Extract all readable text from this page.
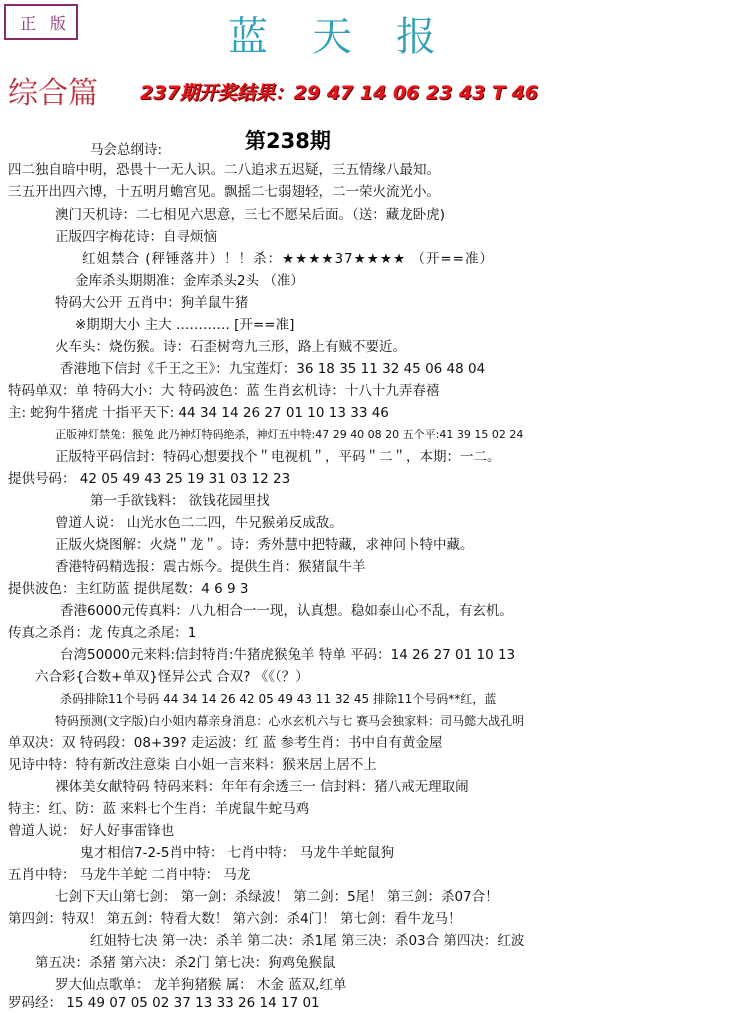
正版	蓝天报
综合篇 237期开奖结果：29 47 14 06 23 43 T 46
第238期
马会总纲诗:
四二独自暗中明，恐畏十一无人识。二八追求五迟疑，三五情缘八最知。
三五开出四六博，十五明月蟾宫见。飘摇二七弱翅轻，二一荣火流光小。
澳门天机诗：二七相见六思意，三七不愿呆后面。（送：藏龙卧虎)
正版四字梅花诗：自寻烦恼
红姐禁合 (秤锤落井）！！杀：★★★★37★★★★ （开==准）
金库杀头期期准：金库杀头2头 （准）
特码大公开 五肖中：狗羊鼠牛猪
※期期大小 主大 ………… [开==准]
火车头：烧伤猴。诗：石歪树弯九三形，路上有贼不要近。
香港地下信封《千王之王》：九宝莲灯：36 18 35 11 32 45 06 48 04
特码单双：单 特码大小：大 特码波色：蓝 生肖玄机诗：十八十九弄春禧
主: 蛇狗牛猪虎 十指平天下: 44 34 14 26 27 01 10 13 33 46
正版神灯禁兔：猴兔 此乃神灯特码绝杀，神灯五中特:47 29 40 08 20 五个平:41 39 15 02 24
正版特平码信封：特码心想要找个＂电视机＂，平码＂二＂，本期：一二。
提供号码： 42 05 49 43 25 19 31 03 12 23
第一手欲钱料： 欲钱花园里找
曾道人说： 山光水色二二四，牛兄猴弟反成敌。
正版火烧图解：火烧＂龙＂。诗：秀外慧中把特藏，求神问卜特中藏。
香港特码精选报：震古烁今。提供生肖：猴猪鼠牛羊
提供波色：主红防蓝 提供尾数：4 6 9 3
香港6000元传真料：八九相合一一现，认真想。稳如泰山心不乱，有玄机。
传真之杀肖：龙 传真之杀尾：1
台湾50000元来料:信封特肖:牛猪虎猴兔羊 特单 平码：14 26 27 01 10 13
六合彩{合数+单双}怪异公式 合双? 《《（？）
杀码排除11个号码 44 34 14 26 42 05 49 43 11 32 45 排除11个号码**红，蓝
特码预测(文字版)白小姐内幕亲身消息：心水玄机六与七 赛马会独家料：司马懿大战孔明
单双决：双 特码段：08+39? 走运波：红 蓝 参考生肖：书中自有黄金屋
见诗中特：特有新改注意柒 白小姐一言来料：猴来居上居不上
裸体美女献特码 特码来料：年年有余透三一 信封料：猪八戒无理取闹
特主：红、防：蓝 来料七个生肖：羊虎鼠牛蛇马鸡
曾道人说： 好人好事雷锋也
鬼才相信7-2-5肖中特： 七肖中特： 马龙牛羊蛇鼠狗
五肖中特： 马龙牛羊蛇 二肖中特： 马龙
七剑下天山第七剑： 第一剑：杀绿波！ 第二剑：5尾！ 第三剑：杀07合！
第四剑：特双！ 第五剑：特看大数！ 第六剑：杀4门！ 第七剑：看牛龙马！
红姐特七决 第一决：杀羊 第二决：杀1尾 第三决：杀03合 第四决：红波
第五决：杀猪 第六决：杀2门 第七决：狗鸡兔猴鼠
罗大仙点歌单： 龙羊狗猪猴 属： 木金 蓝双,红单
罗码经： 15 49 07 05 02 37 13 33 26 14 17 01
